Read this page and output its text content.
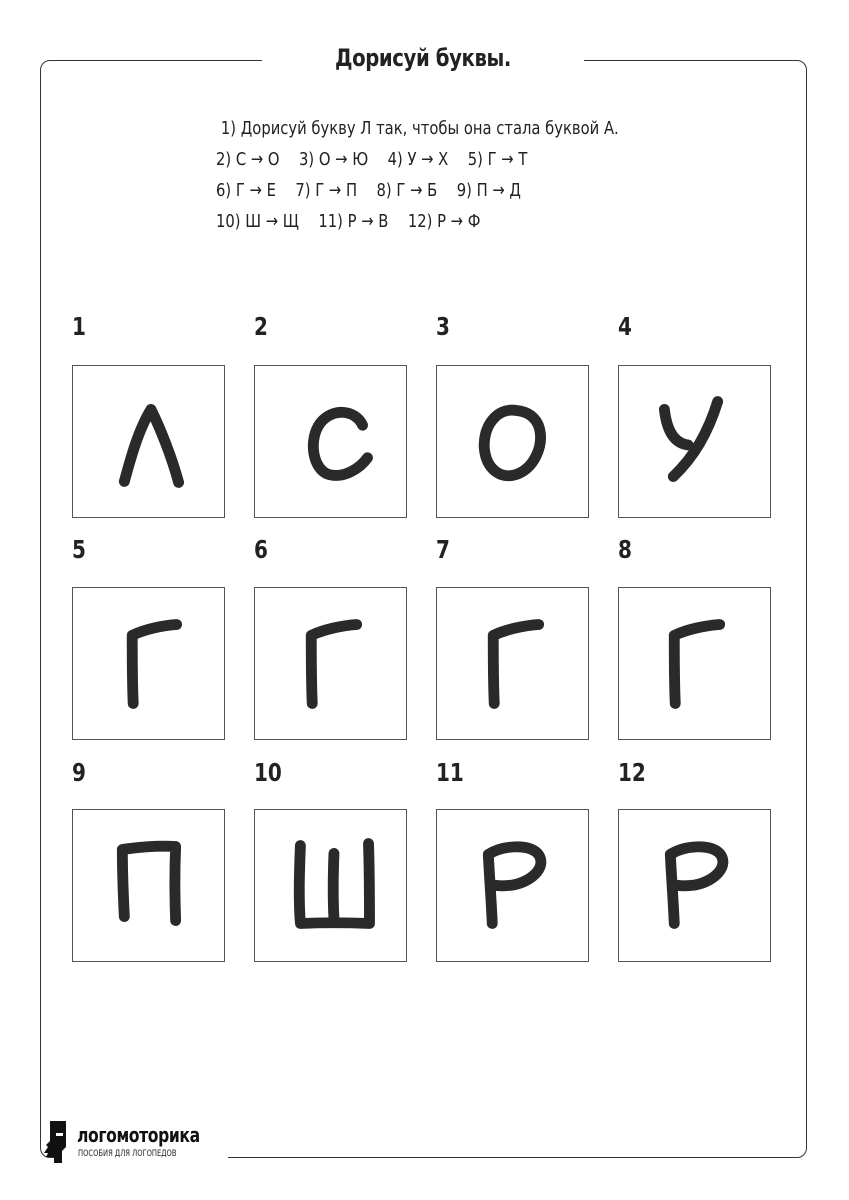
Дорисуй буквы.
1) Дорисуй букву Л так, чтобы она стала буквой А.
2) С → О 3) О → Ю 4) У → Х 5) Г → Т
6) Г → Е 7) Г → П 8) Г → Б 9) П → Д
10) Ш → Щ 11) Р → В 12) Р → Ф
1	2	3	4
5	6	7	8
9	10	11	12
логомоторика
ПОСОБИЯ ДЛЯ ЛОГОПЕДОВ
